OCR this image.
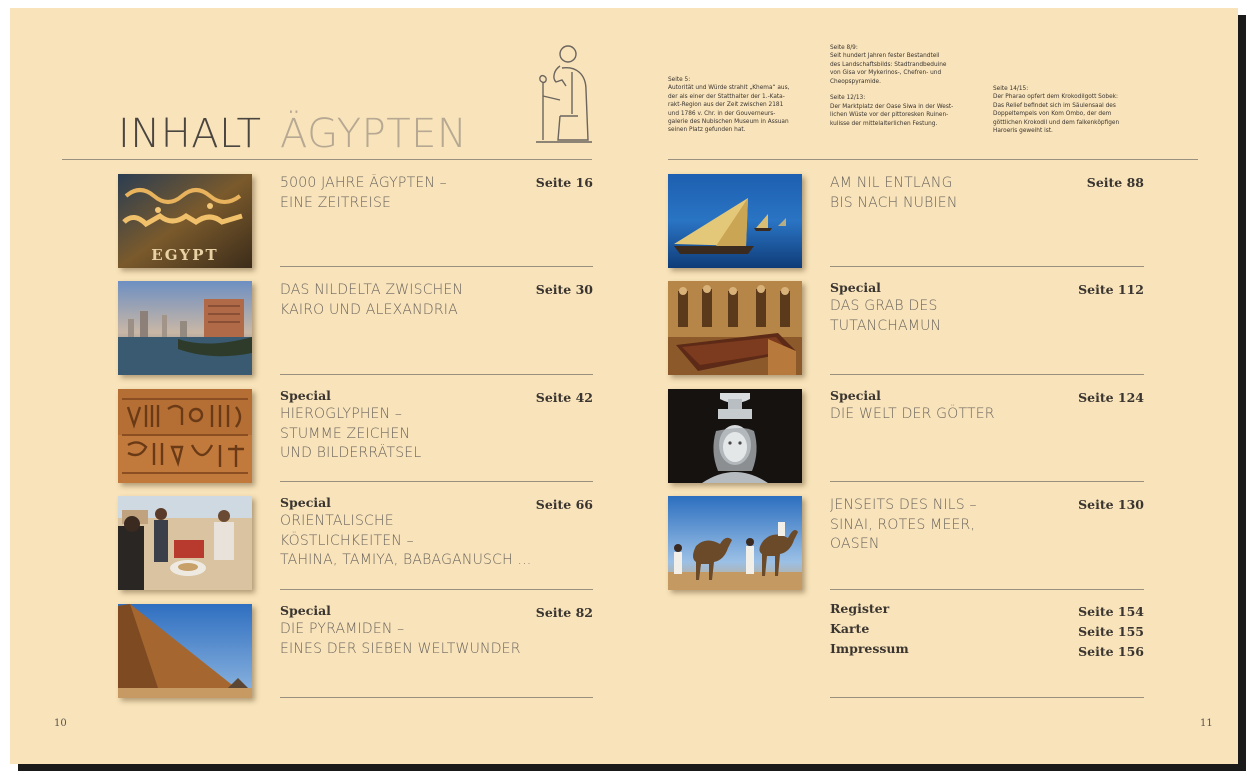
INHALT ÄGYPTEN
Seite 5:
Autorität und Würde strahlt „Khema“ aus,
der als einer der Statthalter der 1.-Kata-
rakt-Region aus der Zeit zwischen 2181
und 1786 v. Chr. in der Gouverneurs-
galerie des Nubischen Museum in Assuan
seinen Platz gefunden hat.
Seite 8/9:
Seit hundert Jahren fester Bestandteil
des Landschaftsbilds: Stadtrandbeduine
von Gisa vor Mykerinos-, Chefren- und
Cheopspyramide.

Seite 12/13:
Der Marktplatz der Oase Siwa in der West-
lichen Wüste vor der pittoresken Ruinen-
kulisse der mittelalterlichen Festung.
Seite 14/15:
Der Pharao opfert dem Krokodilgott Sobek:
Das Relief befindet sich im Säulensaal des
Doppeltempels von Kom Ombo, der dem
göttlichen Krokodil und dem falkenköpfigen
Haroeris geweiht ist.
EGYPT
5000 JAHRE ÄGYPTEN –
EINE ZEITREISE
Seite 16
DAS NILDELTA ZWISCHEN
KAIRO UND ALEXANDRIA
Seite 30
Special
HIEROGLYPHEN –
STUMME ZEICHEN
UND BILDERRÄTSEL
Seite 42
Special
ORIENTALISCHE
KÖSTLICHKEITEN –
TAHINA, TAMIYA, BABAGANUSCH ...
Seite 66
Special
DIE PYRAMIDEN –
EINES DER SIEBEN WELTWUNDER
Seite 82
AM NIL ENTLANG
BIS NACH NUBIEN
Seite 88
Special
DAS GRAB DES
TUTANCHAMUN
Seite 112
Special
DIE WELT DER GÖTTER
Seite 124
JENSEITS DES NILS –
SINAI, ROTES MEER,
OASEN
Seite 130
Register	Seite 154
Karte	Seite 155
Impressum	Seite 156
10	11
